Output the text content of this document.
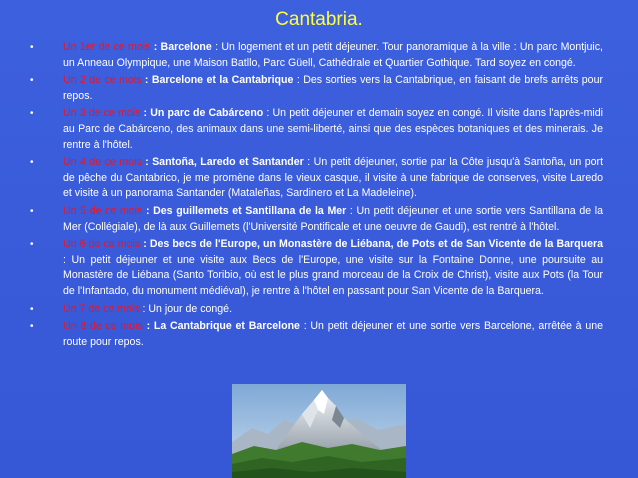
Cantabria.
•	Un 1er de ce mois : Barcelone : Un logement et un petit déjeuner. Tour panoramique à la ville : Un parc Montjuic, un Anneau Olympique, une Maison Batllo, Parc Güell, Cathédrale et Quartier Gothique. Tard soyez en congé.
•	Un 2 de ce mois : Barcelone et la Cantabrique : Des sorties vers la Cantabrique, en faisant de brefs arrêts pour repos.
•	Un 3 de ce mois : Un parc de Cabárceno : Un petit déjeuner et demain soyez en congé. Il visite dans l'après-midi au Parc de Cabárceno, des animaux dans une semi-liberté, ainsi que des espèces botaniques et des minerais. Je rentre à l'hôtel.
•	Un 4 de ce mois : Santoña, Laredo et Santander : Un petit déjeuner, sortie par la Côte jusqu'à Santoña, un port de pêche du Cantabrico, je me promène dans le vieux casque, il visite à une fabrique de conserves, visite Laredo et visite à un panorama Santander (Mataleñas, Sardinero et La Madeleine).
•	Un 5 de ce mois : Des guillemets et Santillana de la Mer : Un petit déjeuner et une sortie vers Santillana de la Mer (Collégiale), de là aux Guillemets (l'Université Pontificale et une oeuvre de Gaudi), est rentré à l'hôtel.
•	Un 6 de ce mois : Des becs de l'Europe, un Monastère de Liébana, de Pots et de San Vicente de la Barquera : Un petit déjeuner et une visite aux Becs de l'Europe, une visite sur la Fontaine Donne, une poursuite au Monastère de Liébana (Santo Toribio, où est le plus grand morceau de la Croix de Christ), visite aux Pots (la Tour de l'Infantado, du monument médiéval), je rentre à l'hôtel en passant pour San Vicente de la Barquera.
•	Un 7 de ce mois : Un jour de congé.
•	Un 8 de ce mois : La Cantabrique et Barcelone : Un petit déjeuner et une sortie vers Barcelone, arrêtée à une route pour repos.
